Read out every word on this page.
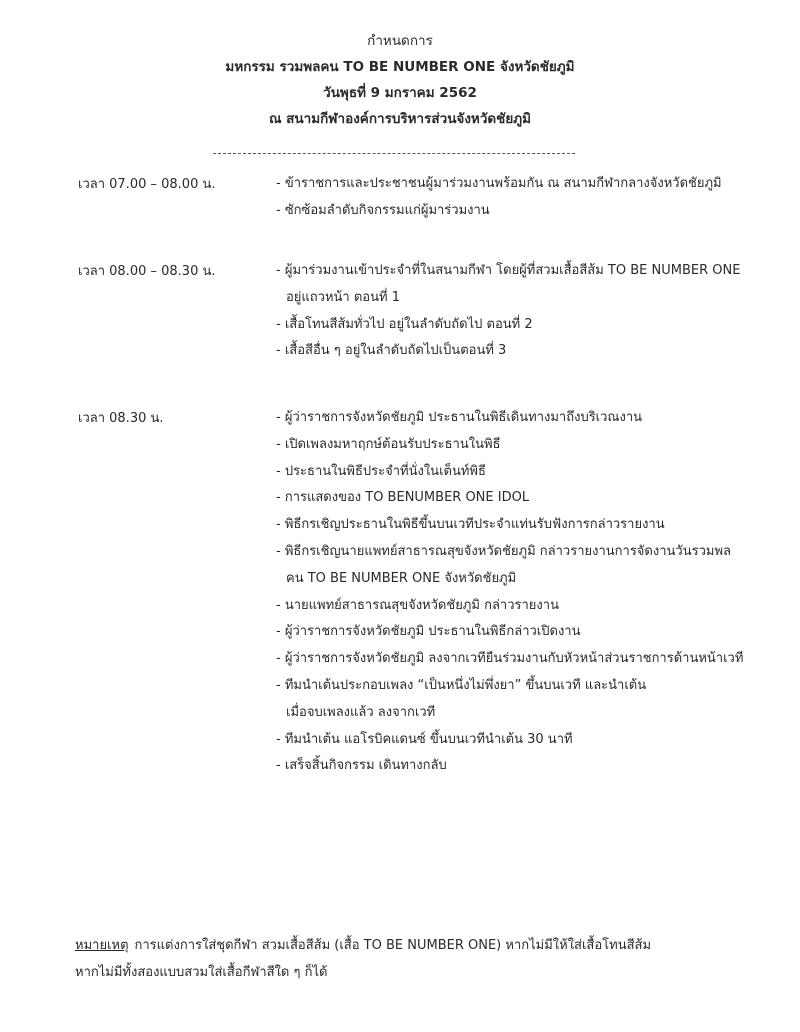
กำหนดการ
มหกรรม รวมพลคน TO BE NUMBER ONE จังหวัดชัยภูมิ
วันพุธที่ 9 มกราคม 2562
ณ สนามกีฬาองค์การบริหารส่วนจังหวัดชัยภูมิ
เวลา 07.00 – 08.00 น.	- ข้าราชการและประชาชนผู้มาร่วมงานพร้อมกัน ณ สนามกีฬากลางจังหวัดชัยภูมิ
- ซักซ้อมลำดับกิจกรรมแก่ผู้มาร่วมงาน
เวลา 08.00 – 08.30 น.	- ผู้มาร่วมงานเข้าประจำที่ในสนามกีฬา โดยผู้ที่สวมเสื้อสีส้ม TO BE NUMBER ONE
อยู่แถวหน้า ตอนที่ 1
- เสื้อโทนสีส้มทั่วไป อยู่ในลำดับถัดไป ตอนที่ 2
- เสื้อสีอื่น ๆ อยู่ในลำดับถัดไปเป็นตอนที่ 3
เวลา 08.30 น.	- ผู้ว่าราชการจังหวัดชัยภูมิ ประธานในพิธีเดินทางมาถึงบริเวณงาน
- เปิดเพลงมหาฤกษ์ต้อนรับประธานในพิธี
- ประธานในพิธีประจำที่นั่งในเต็นท์พิธี
- การแสดงของ TO BENUMBER ONE IDOL
- พิธีกรเชิญประธานในพิธีขึ้นบนเวทีประจำแท่นรับฟังการกล่าวรายงาน
- พิธีกรเชิญนายแพทย์สาธารณสุขจังหวัดชัยภูมิ กล่าวรายงานการจัดงานวันรวมพล
คน TO BE NUMBER ONE จังหวัดชัยภูมิ
- นายแพทย์สาธารณสุขจังหวัดชัยภูมิ กล่าวรายงาน
- ผู้ว่าราชการจังหวัดชัยภูมิ ประธานในพิธีกล่าวเปิดงาน
- ผู้ว่าราชการจังหวัดชัยภูมิ ลงจากเวทียืนร่วมงานกับหัวหน้าส่วนราชการด้านหน้าเวที
- ทีมนำเต้นประกอบเพลง “เป็นหนึ่งไม่พึ่งยา” ขึ้นบนเวที และนำเต้น
เมื่อจบเพลงแล้ว ลงจากเวที
- ทีมนำเต้น แอโรบิคแดนซ์ ขึ้นบนเวทีนำเต้น 30 นาที
- เสร็จสิ้นกิจกรรม เดินทางกลับ
หมายเหตุ การแต่งการใส่ชุดกีฬา สวมเสื้อสีส้ม (เสื้อ TO BE NUMBER ONE) หากไม่มีให้ใส่เสื้อโทนสีส้ม
หากไม่มีทั้งสองแบบสวมใส่เสื้อกีฬาสีใด ๆ ก็ได้
